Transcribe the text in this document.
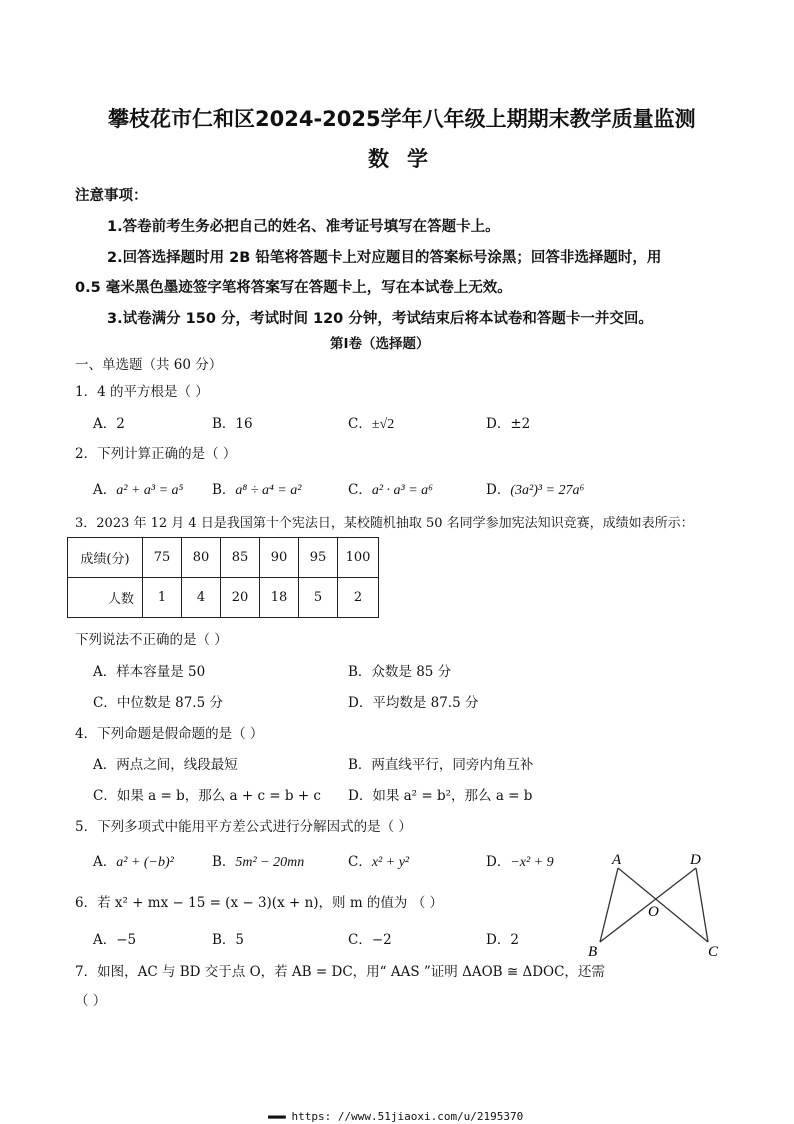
攀枝花市仁和区2024-2025学年八年级上期期末教学质量监测
数学
注意事项：
1.答卷前考生务必把自己的姓名、准考证号填写在答题卡上。
2.回答选择题时用 2B 铅笔将答题卡上对应题目的答案标号涂黑；回答非选择题时，用
0.5 毫米黑色墨迹签字笔将答案写在答题卡上，写在本试卷上无效。
3.试卷满分 150 分，考试时间 120 分钟，考试结束后将本试卷和答题卡一并交回。
第Ⅰ卷（选择题）
一、单选题（共 60 分）
1．4 的平方根是（ ）
A．2	B．16	C．±√2	D．±2
2．下列计算正确的是（ ）
A．a² + a³ = a⁵ B．a⁸ ÷ a⁴ = a²	C．a² · a³ = a⁶	D．(3a²)³ = 27a⁶
3．2023 年 12 月 4 日是我国第十个宪法日，某校随机抽取 50 名同学参加宪法知识竞赛，成绩如表所示：
成绩(分)	75	80	85	90	95	100
人数	1	4	20	18	5	2
下列说法不正确的是（ ）
A．样本容量是 50	B．众数是 85 分
C．中位数是 87.5 分	D．平均数是 87.5 分
4．下列命题是假命题的是（ ）
A．两点之间，线段最短	B．两直线平行，同旁内角互补
C．如果 a = b，那么 a + c = b + c D．如果 a² = b²，那么 a = b
5．下列多项式中能用平方差公式进行分解因式的是（ ）
A．a² + (−b)²	B．5m² − 20mn	C．x² + y²	D．−x² + 9
6．若 x² + mx − 15 = (x − 3)(x + n)，则 m 的值为 （ ）
A．−5	B．5	C．−2	D．2
7．如图，AC 与 BD 交于点 O，若 AB = DC，用“ AAS ”证明 ΔAOB ≅ ΔDOC，还需
（ ）
A	D
O
B	C
▬▬▬ https: //www.51jiaoxi.com/u/2195370
